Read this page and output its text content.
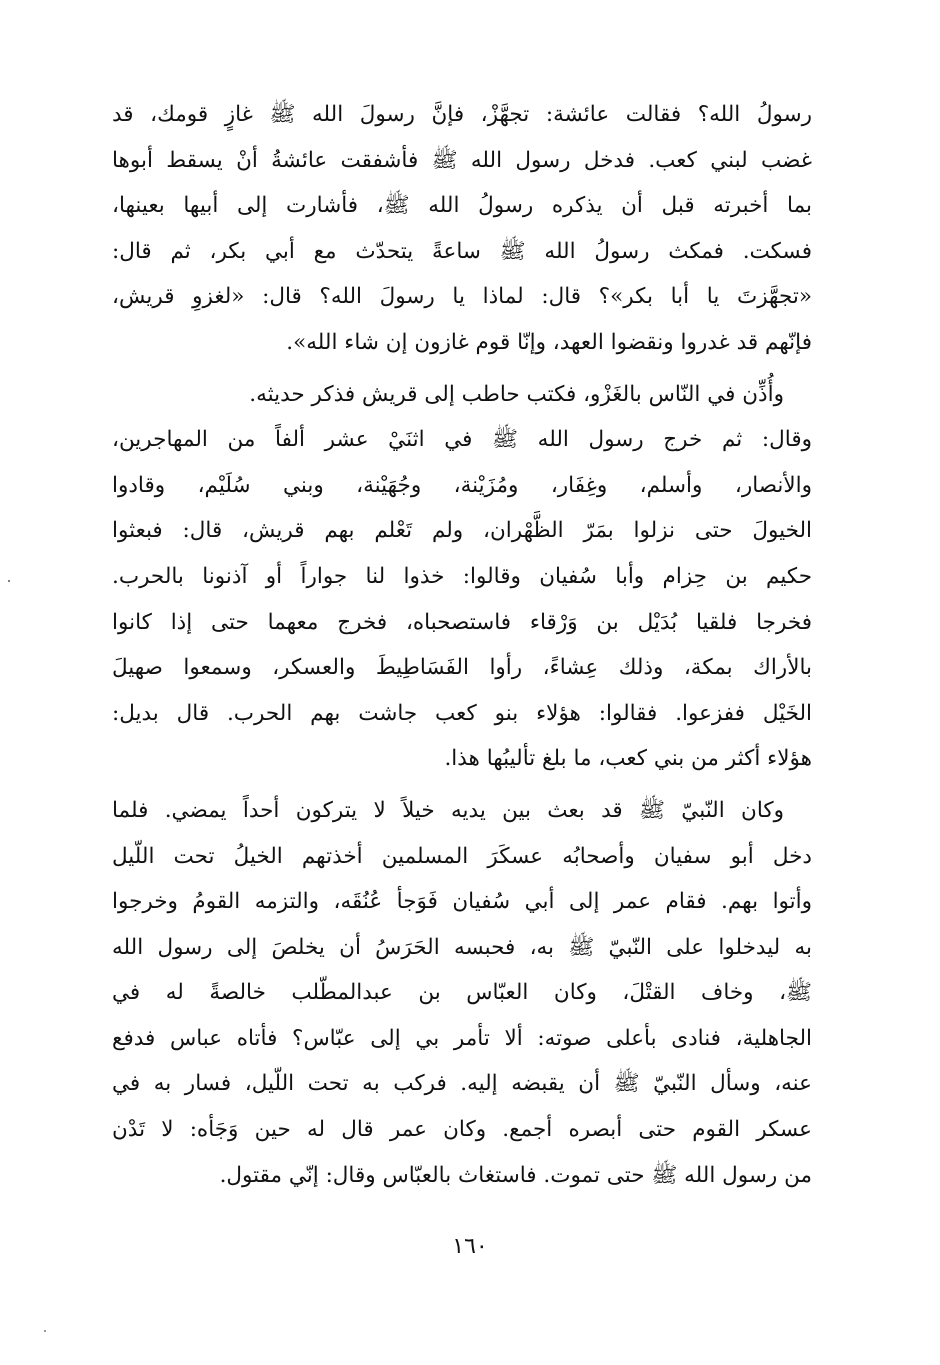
رسولُ الله؟ فقالت عائشة: تجهَّزْ، فإنَّ رسولَ الله ﷺ غازٍ قومك، قد
غضب لبني كعب. فدخل رسول الله ﷺ فأشفقت عائشةُ أنْ يسقط أبوها
بما أخبرته قبل أن يذكره رسولُ الله ﷺ، فأشارت إلى أبيها بعينها،
فسكت. فمكث رسولُ الله ﷺ ساعةً يتحدّث مع أبي بكر، ثم قال:
«تجهَّزتَ يا أبا بكر»؟ قال: لماذا يا رسولَ الله؟ قال: «لغزوِ قريش،
فإنّهم قد غدروا ونقضوا العهد، وإنّا قوم غازون إن شاء الله».
وأُذِّن في النّاس بالغَزْو، فكتب حاطب إلى قريش فذكر حديثه.
وقال: ثم خرج رسول الله ﷺ في اثنَيْ عشر ألفاً من المهاجرين،
والأنصار، وأسلم، وغِفَار، ومُزَيْنة، وجُهَيْنة، وبني سُلَيْم، وقادوا
الخيولَ حتى نزلوا بمَرّ الظَّهْران، ولم تَعْلم بهم قريش، قال: فبعثوا
حكيم بن حِزام وأبا سُفيان وقالوا: خذوا لنا جواراً أو آذنونا بالحرب.
فخرجا فلقيا بُدَيْل بن وَرْقاء فاستصحباه، فخرج معهما حتى إذا كانوا
بالأراك بمكة، وذلك عِشاءً، رأوا الفَسَاطِيطَ والعسكر، وسمعوا صهيلَ
الخَيْل ففزعوا. فقالوا: هؤلاء بنو كعب جاشت بهم الحرب. قال بديل:
هؤلاء أكثر من بني كعب، ما بلغ تأليبُها هذا.
وكان النّبيّ ﷺ قد بعث بين يديه خيلاً لا يتركون أحداً يمضي. فلما
دخل أبو سفيان وأصحابُه عسكَرَ المسلمين أخذتهم الخيلُ تحت اللّيل
وأتوا بهم. فقام عمر إلى أبي سُفيان فَوَجأ عُنُقَه، والتزمه القومُ وخرجوا
به ليدخلوا على النّبيّ ﷺ به، فحبسه الحَرَسُ أن يخلصَ إلى رسول الله
ﷺ، وخاف القتْلَ، وكان العبّاس بن عبدالمطّلب خالصةً له في
الجاهلية، فنادى بأعلى صوته: ألا تأمر بي إلى عبّاس؟ فأتاه عباس فدفع
عنه، وسأل النّبيّ ﷺ أن يقبضه إليه. فركب به تحت اللّيل، فسار به في
عسكر القوم حتى أبصره أجمع. وكان عمر قال له حين وَجَأه: لا تَدْن
من رسول الله ﷺ حتى تموت. فاستغاث بالعبّاس وقال: إنّي مقتول.
١٦٠
